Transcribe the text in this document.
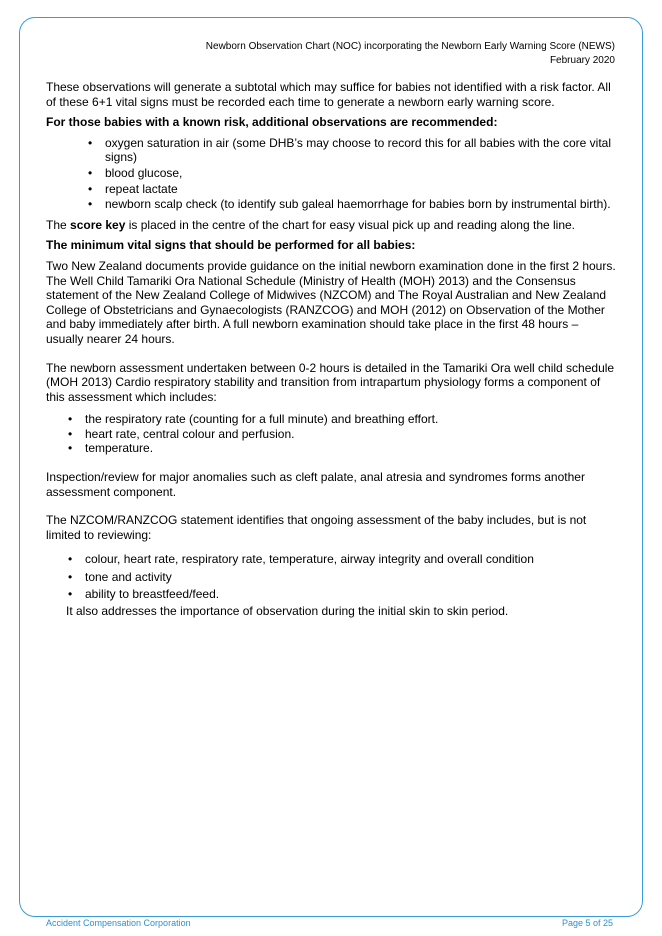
Newborn Observation Chart (NOC) incorporating the Newborn Early Warning Score (NEWS)
February 2020

These observations will generate a subtotal which may suffice for babies not identified with a risk factor. All of these 6+1 vital signs must be recorded each time to generate a newborn early warning score.

For those babies with a known risk, additional observations are recommended:

• oxygen saturation in air (some DHB’s may choose to record this for all babies with the core vital signs)
• blood glucose,
• repeat lactate
• newborn scalp check (to identify sub galeal haemorrhage for babies born by instrumental birth).

The score key is placed in the centre of the chart for easy visual pick up and reading along the line.

The minimum vital signs that should be performed for all babies:

Two New Zealand documents provide guidance on the initial newborn examination done in the first 2 hours. The Well Child Tamariki Ora National Schedule (Ministry of Health (MOH) 2013) and the Consensus statement of the New Zealand College of Midwives (NZCOM) and The Royal Australian and New Zealand College of Obstetricians and Gynaecologists (RANZCOG) and MOH (2012) on Observation of the Mother and baby immediately after birth. A full newborn examination should take place in the first 48 hours – usually nearer 24 hours.

The newborn assessment undertaken between 0-2 hours is detailed in the Tamariki Ora well child schedule (MOH 2013) Cardio respiratory stability and transition from intrapartum physiology forms a component of this assessment which includes:

• the respiratory rate (counting for a full minute) and breathing effort.
• heart rate, central colour and perfusion.
• temperature.

Inspection/review for major anomalies such as cleft palate, anal atresia and syndromes forms another assessment component.

The NZCOM/RANZCOG statement identifies that ongoing assessment of the baby includes, but is not limited to reviewing:

• colour, heart rate, respiratory rate, temperature, airway integrity and overall condition
• tone and activity
• ability to breastfeed/feed.

It also addresses the importance of observation during the initial skin to skin period.

Accident Compensation Corporation	Page 5 of 25
